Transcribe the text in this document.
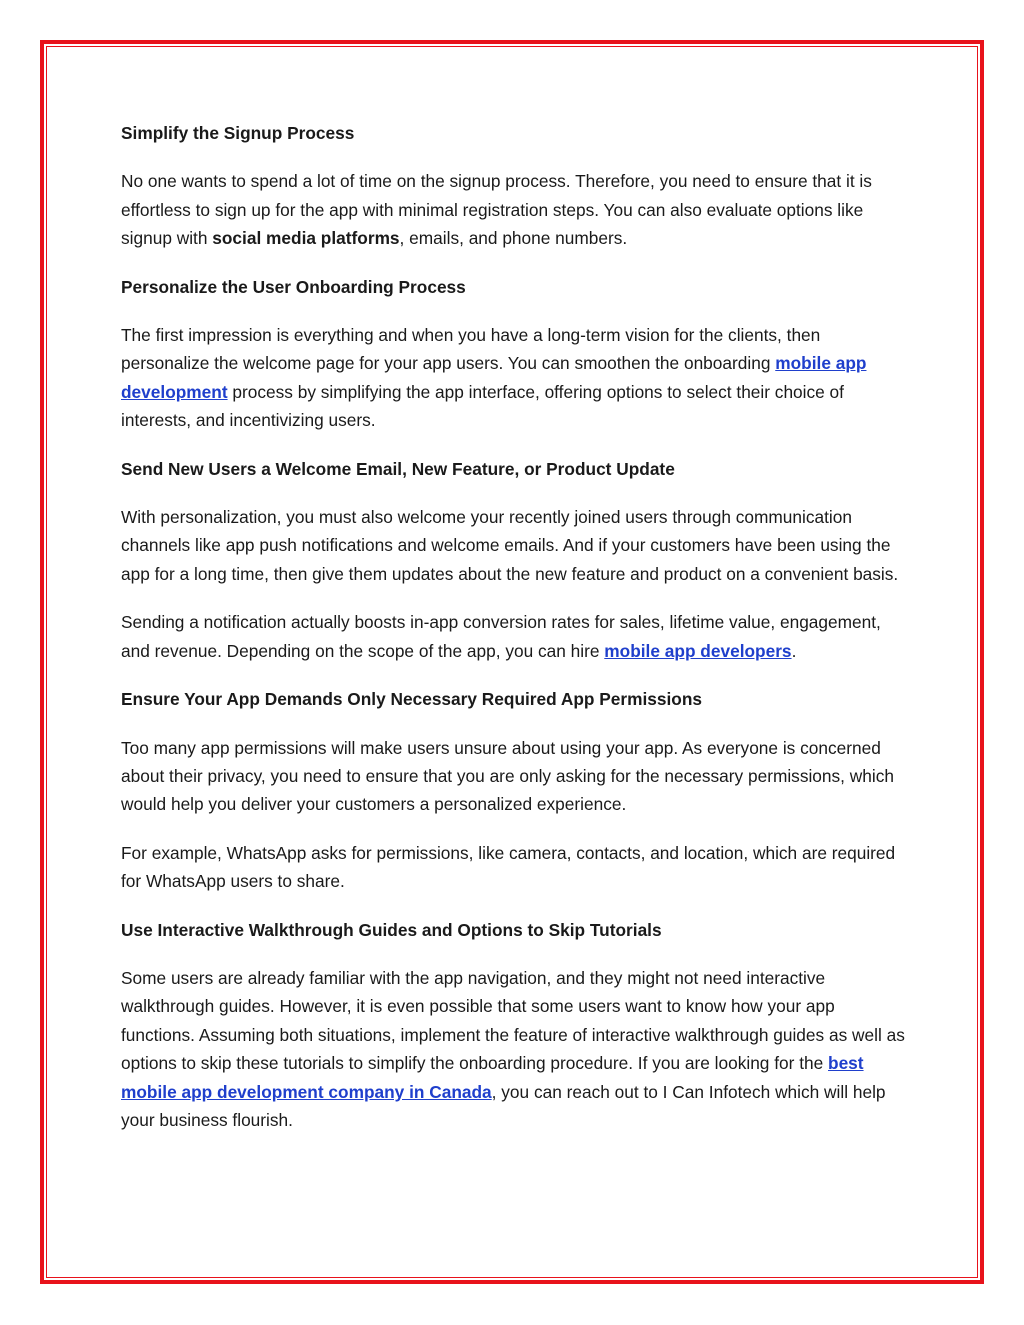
Simplify the Signup Process
No one wants to spend a lot of time on the signup process. Therefore, you need to ensure that it is effortless to sign up for the app with minimal registration steps. You can also evaluate options like signup with social media platforms, emails, and phone numbers.
Personalize the User Onboarding Process
The first impression is everything and when you have a long-term vision for the clients, then personalize the welcome page for your app users. You can smoothen the onboarding mobile app development process by simplifying the app interface, offering options to select their choice of interests, and incentivizing users.
Send New Users a Welcome Email, New Feature, or Product Update
With personalization, you must also welcome your recently joined users through communication channels like app push notifications and welcome emails. And if your customers have been using the app for a long time, then give them updates about the new feature and product on a convenient basis.
Sending a notification actually boosts in-app conversion rates for sales, lifetime value, engagement, and revenue. Depending on the scope of the app, you can hire mobile app developers.
Ensure Your App Demands Only Necessary Required App Permissions
Too many app permissions will make users unsure about using your app. As everyone is concerned about their privacy, you need to ensure that you are only asking for the necessary permissions, which would help you deliver your customers a personalized experience.
For example, WhatsApp asks for permissions, like camera, contacts, and location, which are required for WhatsApp users to share.
Use Interactive Walkthrough Guides and Options to Skip Tutorials
Some users are already familiar with the app navigation, and they might not need interactive walkthrough guides. However, it is even possible that some users want to know how your app functions. Assuming both situations, implement the feature of interactive walkthrough guides as well as options to skip these tutorials to simplify the onboarding procedure. If you are looking for the best mobile app development company in Canada, you can reach out to I Can Infotech which will help your business flourish.
